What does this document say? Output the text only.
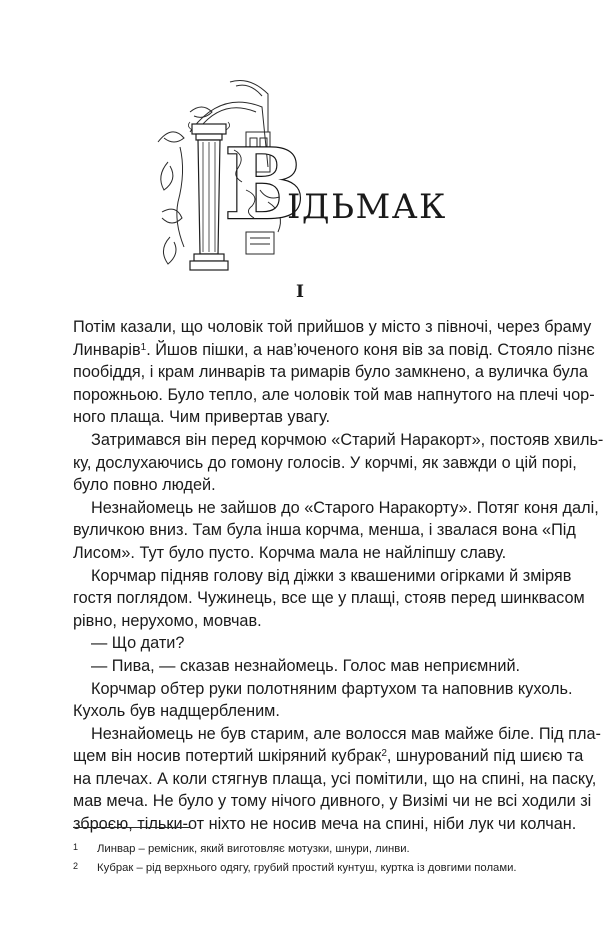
В
ІДЬМАК
I
Потім казали, що чоловік той прийшов у місто з півночі, через браму
Линварів$^1$. Йшов пішки, а нав’юченого коня вів за повід. Стояло пізнє
пообіддя, і крам линварів та римарів було замкнено, а вуличка була
порожньою. Було тепло, але чоловік той мав напнутого на плечі чор-
ного плаща. Чим привертав увагу.
Затримався він перед корчмою «Старий Наракорт», постояв хвиль-
ку, дослухаючись до гомону голосів. У корчмі, як завжди о цій порі,
було повно людей.
Незнайомець не зайшов до «Старого Наракорту». Потяг коня далі,
вуличкою вниз. Там була інша корчма, менша, і звалася вона «Під
Лисом». Тут було пусто. Корчма мала не найліпшу славу.
Корчмар підняв голову від діжки з квашеними огірками й зміряв
гостя поглядом. Чужинець, все ще у плащі, стояв перед шинквасом
рівно, нерухомо, мовчав.
— Що дати?
— Пива, — сказав незнайомець. Голос мав неприємний.
Корчмар обтер руки полотняним фартухом та наповнив кухоль.
Кухоль був надщербленим.
Незнайомець не був старим, але волосся мав майже біле. Під пла-
щем він носив потертий шкіряний кубрак$^2$, шнурований під шиєю та
на плечах. А коли стягнув плаща, усі помітили, що на спині, на паску,
мав меча. Не було у тому нічого дивного, у Визімі чи не всі ходили зі
зброєю, тільки-от ніхто не носив меча на спині, ніби лук чи колчан.
1	Линвар – ремісник, який виготовляє мотузки, шнури, линви.
2	Кубрак – рід верхнього одягу, грубий простий кунтуш, куртка із довгими полами.
